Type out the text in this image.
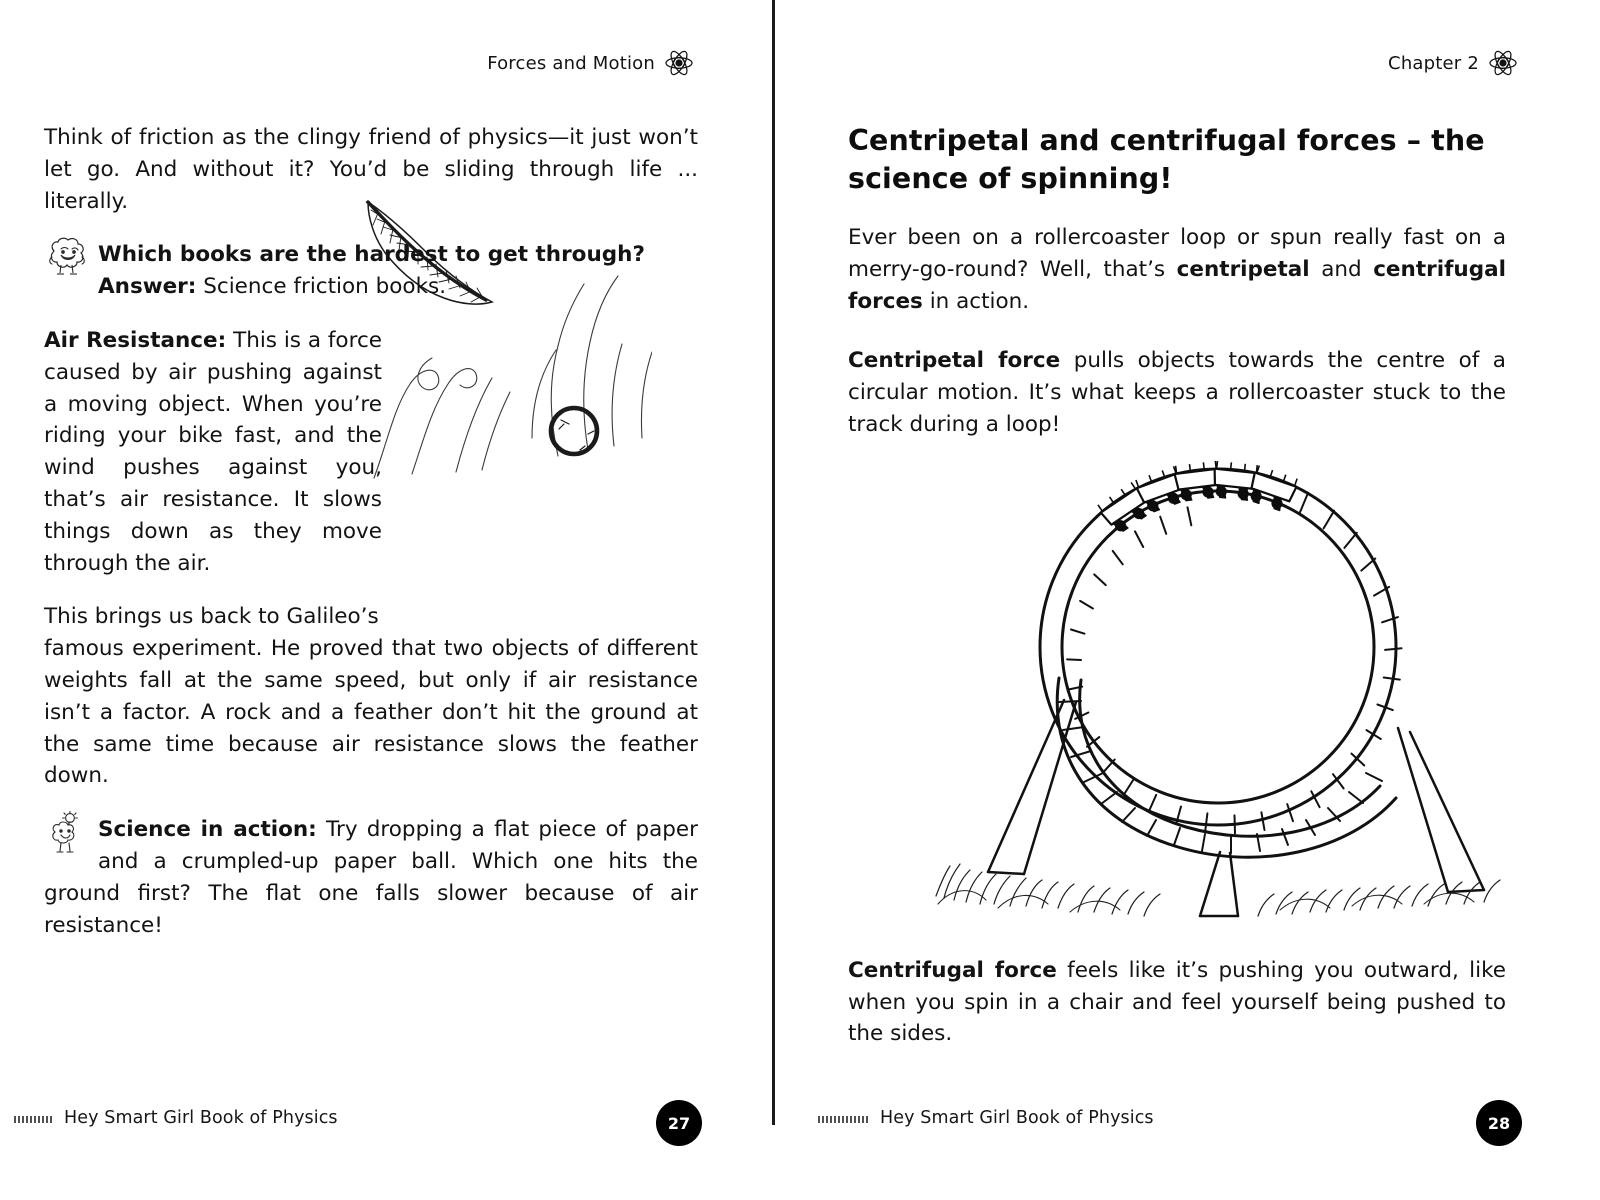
Forces and Motion

Think of friction as the clingy friend of physics—it just won’t let go. And without it? You’d be sliding through life ... literally.

Which books are the hardest to get through?
Answer: Science friction books.

Air Resistance: This is a force caused by air pushing against a moving object. When you’re riding your bike fast, and the wind pushes against you, that’s air resistance. It slows things down as they move through the air.

This brings us back to Galileo’s

famous experiment. He proved that two objects of different weights fall at the same speed, but only if air resistance isn’t a factor. A rock and a feather don’t hit the ground at the same time because air resistance slows the feather down.

Science in action: Try dropping a flat piece of paper and a crumpled-up paper ball. Which one hits the ground first? The flat one falls slower because of air resistance!
Hey Smart Girl Book of Physics	27
Chapter 2
Centripetal and centrifugal forces – the science of spinning!

Ever been on a rollercoaster loop or spun really fast on a merry-go-round? Well, that’s centripetal and centrifugal forces in action.

Centripetal force pulls objects towards the centre of a circular motion. It’s what keeps a rollercoaster stuck to the track during a loop!

Centrifugal force feels like it’s pushing you outward, like when you spin in a chair and feel yourself being pushed to the sides.

Hey Smart Girl Book of Physics	28
